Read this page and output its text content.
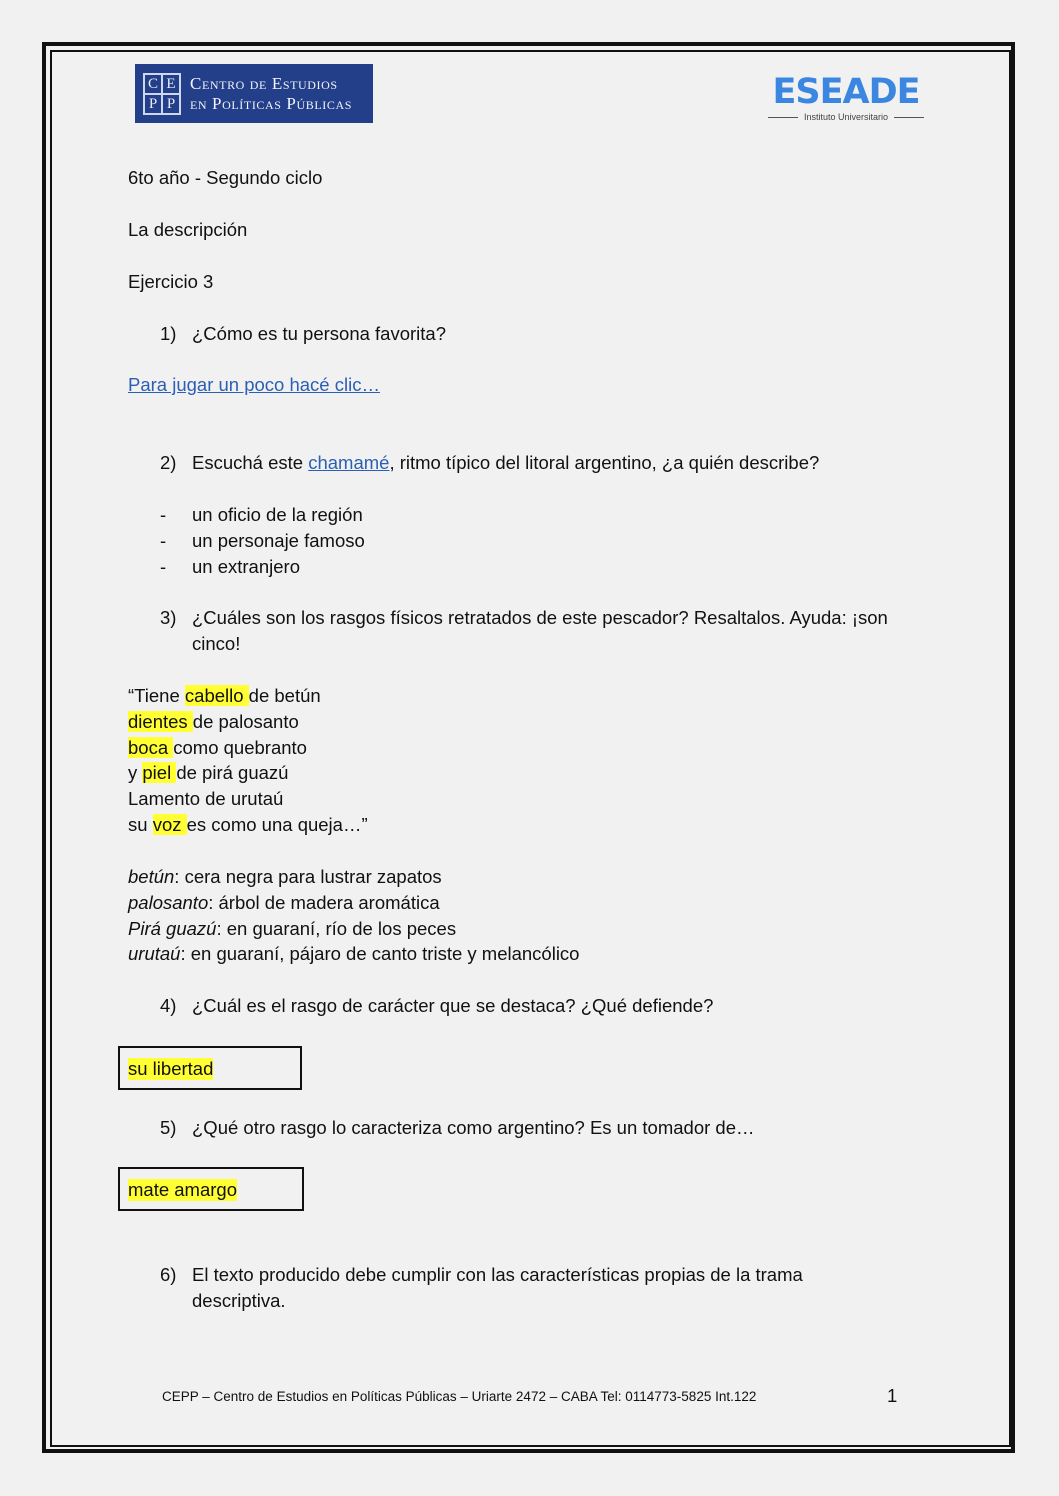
C E
P P
Centro de Estudios
en Políticas Públicas	ESEADE
Instituto Universitario
6to año - Segundo ciclo
La descripción
Ejercicio 3
1) ¿Cómo es tu persona favorita?
Para jugar un poco hacé clic…
2) Escuchá este chamamé, ritmo típico del litoral argentino, ¿a quién describe?
- un oficio de la región
- un personaje famoso
- un extranjero
3) ¿Cuáles son los rasgos físicos retratados de este pescador? Resaltalos. Ayuda: ¡son
cinco!
“Tiene cabello de betún
dientes de palosanto
boca como quebranto
y piel de pirá guazú
Lamento de urutaú
su voz es como una queja…”
betún: cera negra para lustrar zapatos
palosanto: árbol de madera aromática
Pirá guazú: en guaraní, río de los peces
urutaú: en guaraní, pájaro de canto triste y melancólico
4) ¿Cuál es el rasgo de carácter que se destaca? ¿Qué defiende?
su libertad
5) ¿Qué otro rasgo lo caracteriza como argentino? Es un tomador de…
mate amargo
6) El texto producido debe cumplir con las características propias de la trama
descriptiva.
CEPP – Centro de Estudios en Políticas Públicas – Uriarte 2472 – CABA Tel: 0114773-5825 Int.122	1
